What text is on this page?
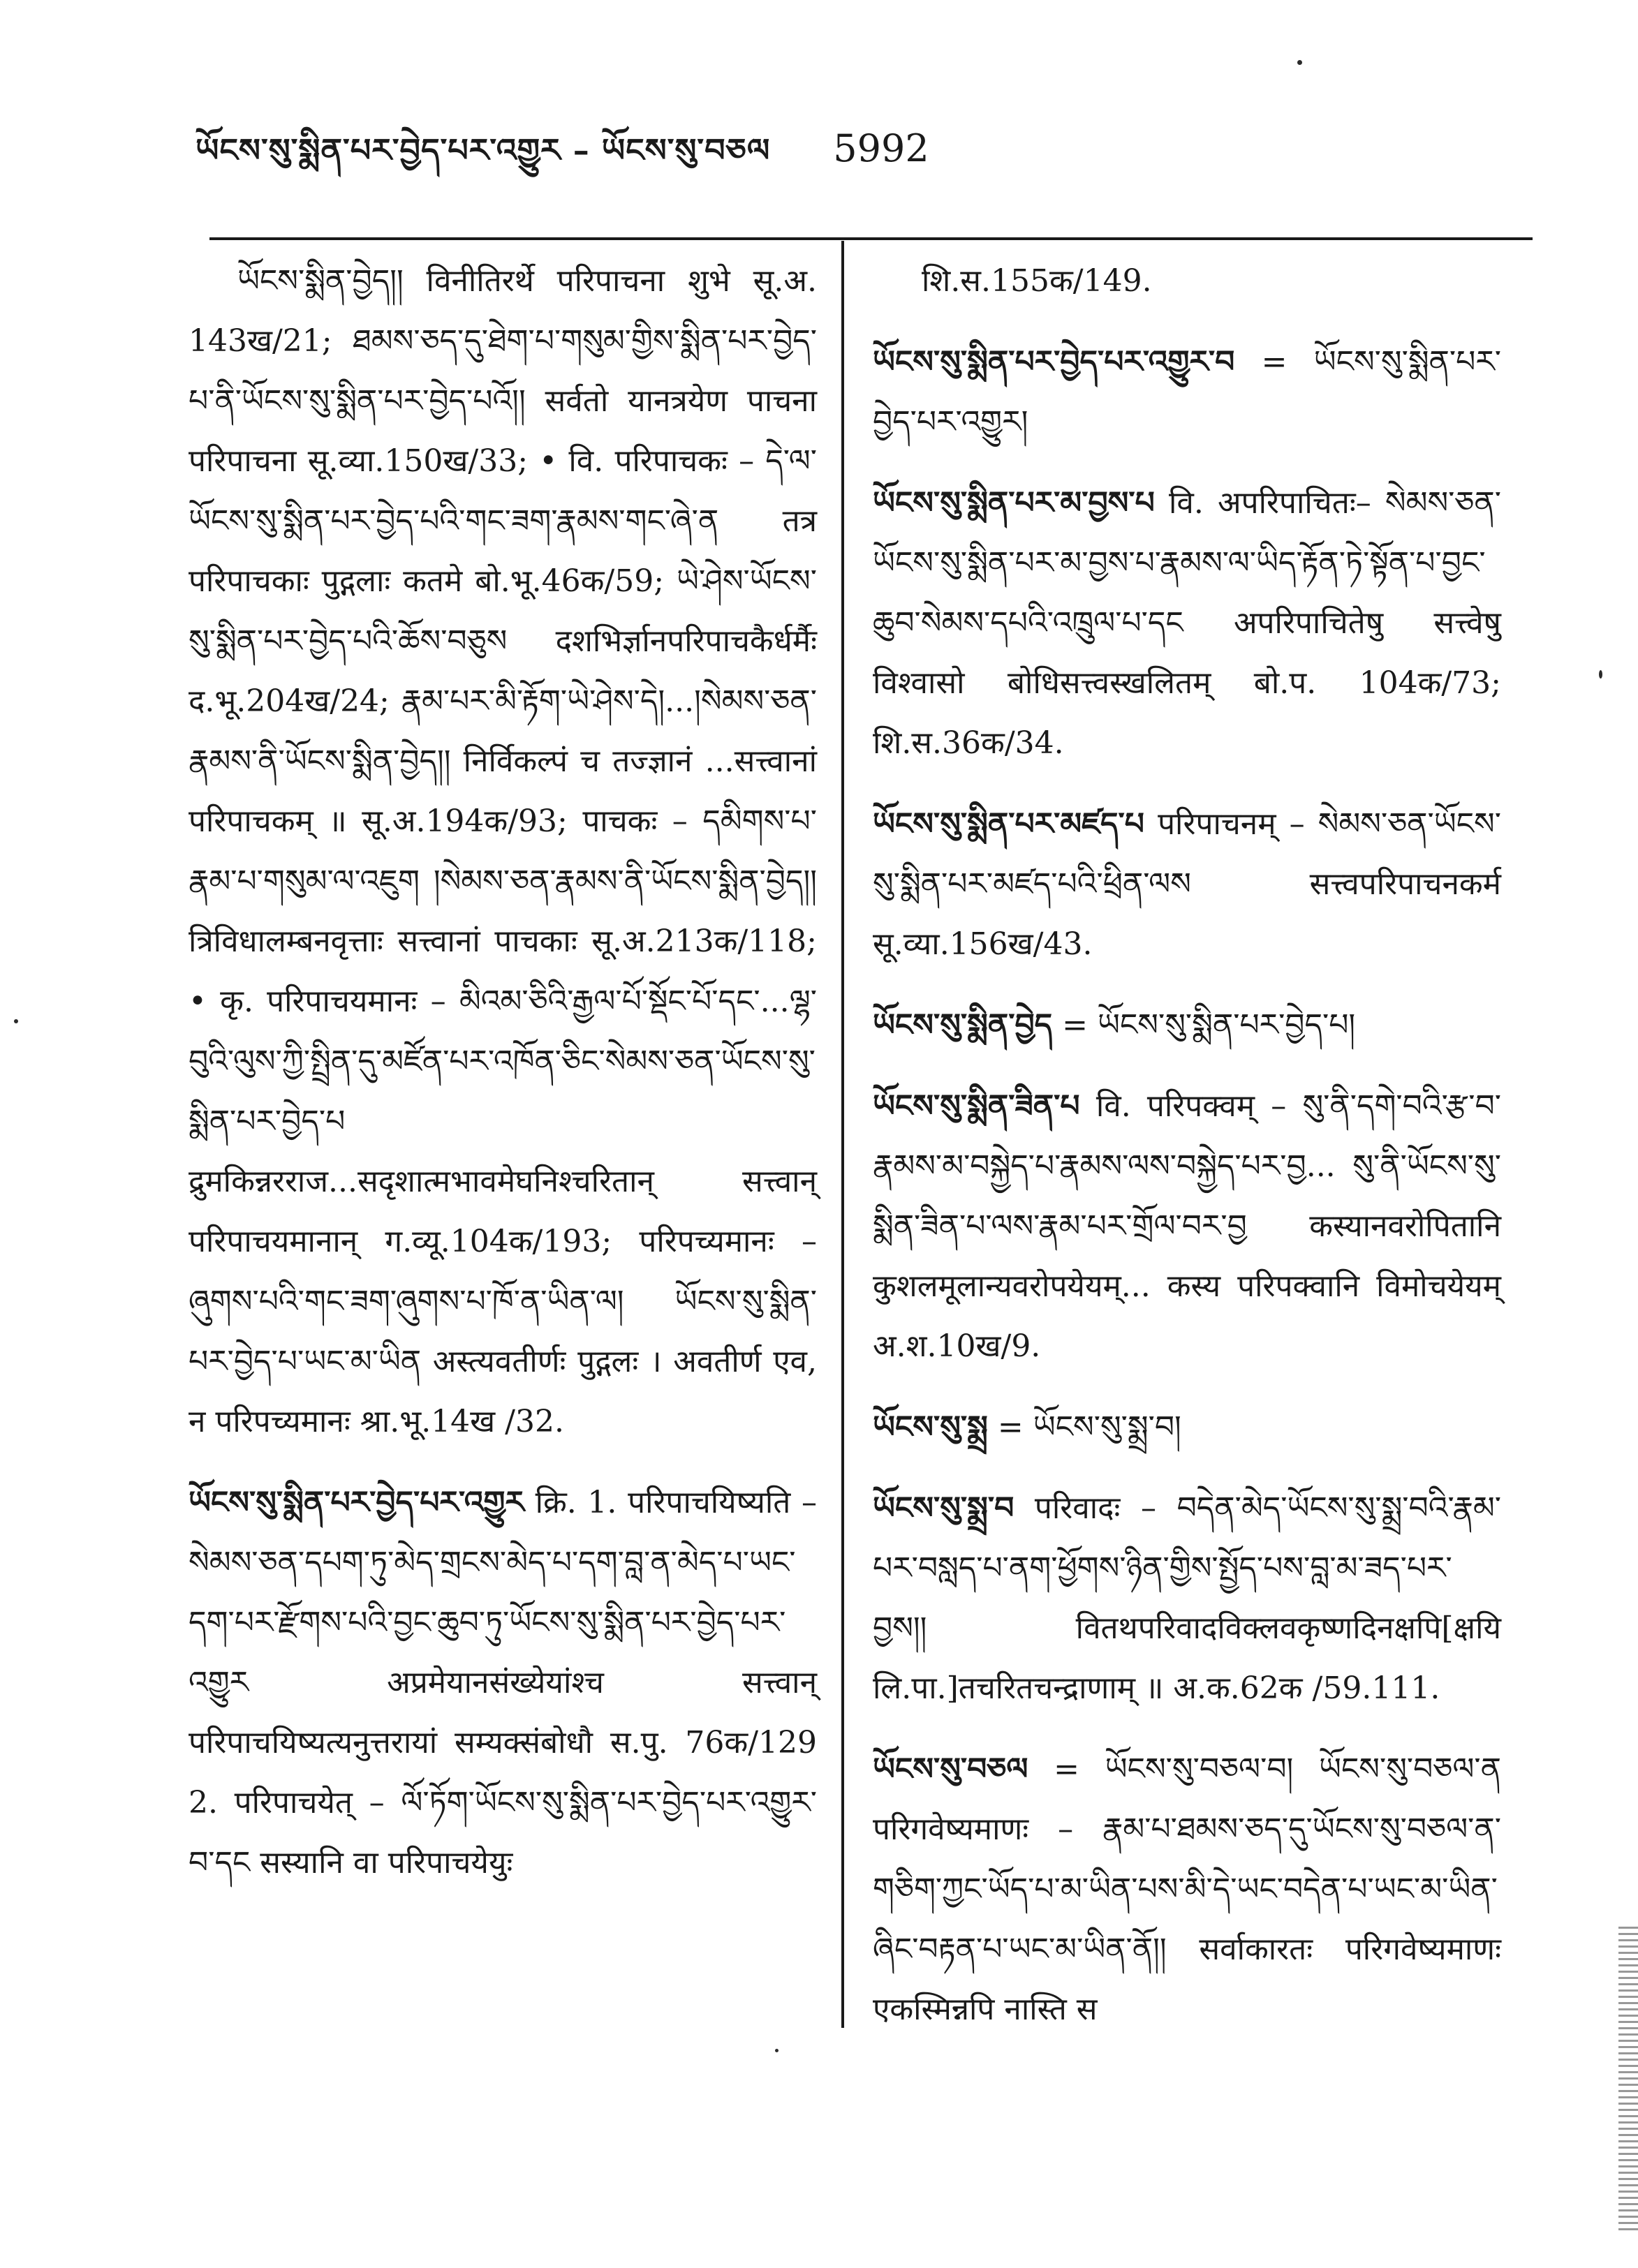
ཡོངས་སུ་སྨིན་པར་བྱེད་པར་འགྱུར – ཡོངས་སུ་བཅལ 5992

ཡོངས་སྨིན་བྱེད།། विनीतिरर्थे परिपाचना शुभे सू.अ. 143ख/21; ཐམས་ཅད་དུ་ཐེག་པ་གསུམ་གྱིས་སྨིན་པར་བྱེད་པ་ནི་ཡོངས་སུ་སྨིན་པར་བྱེད་པའོ།། सर्वतो यानत्रयेण पाचना परिपाचना सू.व्या.150ख/33; • वि. परिपाचकः – དེ་ལ་ཡོངས་སུ་སྨིན་པར་བྱེད་པའི་གང་ཟག་རྣམས་གང་ཞེ་ན तत्र परिपाचकाः पुद्गलाः कतमे बो.भू.46क/59; ཡེ་ཤེས་ཡོངས་སུ་སྨིན་པར་བྱེད་པའི་ཆོས་བཅུས दशभिर्ज्ञानपरिपाचकैर्धर्मैः द.भू.204ख/24; རྣམ་པར་མི་རྟོག་ཡེ་ཤེས་དེ།...།སེམས་ཅན་རྣམས་ནི་ཡོངས་སྨིན་བྱེད།། निर्विकल्पं च तज्ज्ञानं ...सत्त्वानां परिपाचकम् ॥ सू.अ.194क/93; पाचकः – དམིགས་པ་རྣམ་པ་གསུམ་ལ་འཇུག །སེམས་ཅན་རྣམས་ནི་ཡོངས་སྨིན་བྱེད།། त्रिविधालम्बनवृत्ताः सत्त्वानां पाचकाः सू.अ.213क/118; • कृ. परिपाचयमानः – མིའམ་ཅིའི་རྒྱལ་པོ་སྡོང་པོ་དང་...ལྷ་བུའི་ལུས་ཀྱི་སྤྲིན་དུ་མཛོན་པར་འཁོན་ཅིང་སེམས་ཅན་ཡོངས་སུ་སྨིན་པར་བྱེད་པ द्रुमकिन्नरराज...सदृशात्मभावमेघनिश्चरितान् सत्त्वान् परिपाचयमानान् ग.व्यू.104क/193; परिपच्यमानः – ཞུགས་པའི་གང་ཟག་ཞུགས་པ་ཁོ་ན་ཡིན་ལ། ཡོངས་སུ་སྨིན་པར་བྱེད་པ་ཡང་མ་ཡིན अस्त्यवतीर्णः पुद्गलः । अवतीर्ण एव, न परिपच्यमानः श्रा.भू.14ख /32.

ཡོངས་སུ་སྨིན་པར་བྱེད་པར་འགྱུར क्रि. 1. परिपाचयिष्यति – སེམས་ཅན་དཔག་ཏུ་མེད་གྲངས་མེད་པ་དག་བླ་ན་མེད་པ་ཡང་དག་པར་རྫོགས་པའི་བྱང་ཆུབ་ཏུ་ཡོངས་སུ་སྨིན་པར་བྱེད་པར་འགྱུར अप्रमेयानसंख्येयांश्च सत्त्वान् परिपाचयिष्यत्यनुत्तरायां सम्यक्संबोधौ स.पु. 76क/129 2. परिपाचयेत् – ལོ་ཏོག་ཡོངས་སུ་སྨིན་པར་བྱེད་པར་འགྱུར་བ་དང सस्यानि वा परिपाचयेयुः

शि.स.155क/149.

ཡོངས་སུ་སྨིན་པར་བྱེད་པར་འགྱུར་བ = ཡོངས་སུ་སྨིན་པར་བྱེད་པར་འགྱུར།

ཡོངས་སུ་སྨིན་པར་མ་བྱས་པ वि. अपरिपाचितः– སེམས་ཅན་ཡོངས་སུ་སྨིན་པར་མ་བྱས་པ་རྣམས་ལ་ཡིད་རྟོན་ཏེ་སྟོན་པ་བྱང་ཆུབ་སེམས་དཔའི་འཁྲུལ་པ་དང अपरिपाचितेषु सत्त्वेषु विश्वासो बोधिसत्त्वस्खलितम् बो.प. 104क/73; शि.स.36क/34.

ཡོངས་སུ་སྨིན་པར་མཛད་པ परिपाचनम् – སེམས་ཅན་ཡོངས་སུ་སྨིན་པར་མཛད་པའི་ཕྲིན་ལས सत्त्वपरिपाचनकर्म सू.व्या.156ख/43.

ཡོངས་སུ་སྨིན་བྱེད = ཡོངས་སུ་སྨིན་པར་བྱེད་པ།

ཡོངས་སུ་སྨིན་ཟིན་པ वि. परिपक्वम् – སུ་ནི་དགེ་བའི་རྩ་བ་རྣམས་མ་བསྐྱེད་པ་རྣམས་ལས་བསྐྱེད་པར་བྱ... སུ་ནི་ཡོངས་སུ་སྨིན་ཟིན་པ་ལས་རྣམ་པར་གྲོལ་བར་བྱ कस्यानवरोपितानि कुशलमूलान्यवरोपयेयम्... कस्य परिपक्वानि विमोचयेयम् अ.श.10ख/9.

ཡོངས་སུ་སྨྲ = ཡོངས་སུ་སྨྲ་བ།

ཡོངས་སུ་སྨྲ་བ परिवादः – བདེན་མེད་ཡོངས་སུ་སྨྲ་བའི་རྣམ་པར་བསླད་པ་ནག་ཕྱོགས་ཉིན་གྱིས་སྤྱོད་པས་བླ་མ་ཟད་པར་བྱས།། वितथपरिवादविक्लवकृष्णदिनक्षपि[क्षयि लि.पा.]तचरितचन्द्राणाम् ॥ अ.क.62क /59.111.

ཡོངས་སུ་བཅལ = ཡོངས་སུ་བཅལ་བ། ཡོངས་སུ་བཅལ་ན परिगवेष्यमाणः – རྣམ་པ་ཐམས་ཅད་དུ་ཡོངས་སུ་བཅལ་ན་གཅིག་ཀྱང་ཡོད་པ་མ་ཡིན་པས་མི་དེ་ཡང་བདེན་པ་ཡང་མ་ཡིན་ཞིང་བརྟན་པ་ཡང་མ་ཡིན་ནོ།། सर्वाकारतः परिगवेष्यमाणः एकस्मिन्नपि नास्ति स
